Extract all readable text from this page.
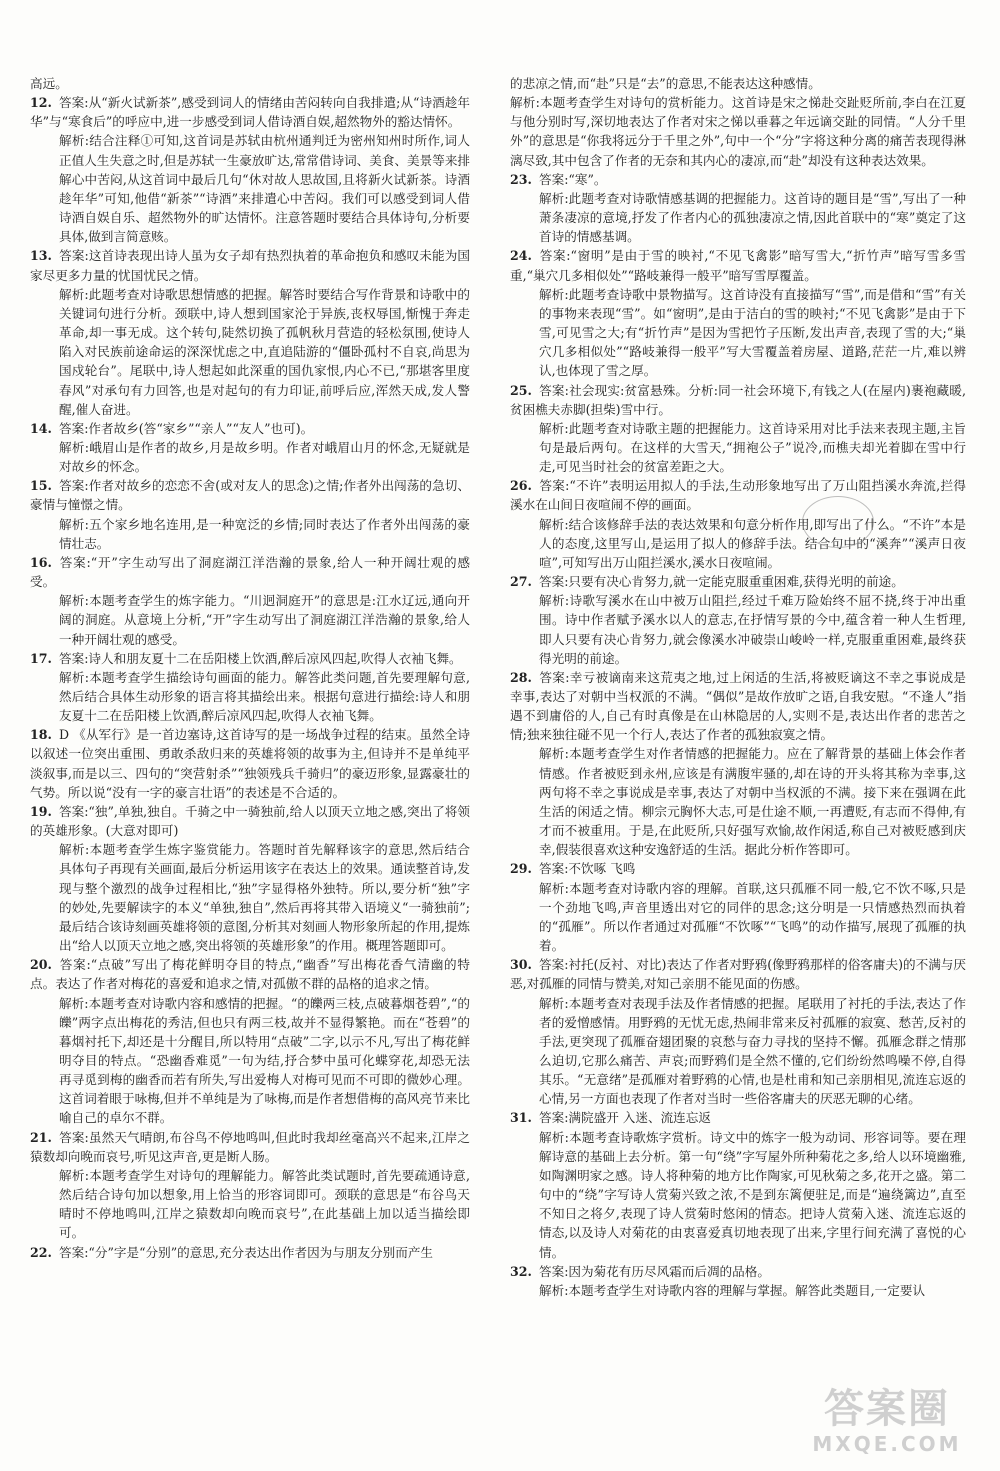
高远。

12. 答案:从“新火试新茶”,感受到词人的情绪由苦闷转向自我排遣;从“诗酒趁年华”与“寒食后”的呼应中,进一步感受到词人借诗酒自娱,超然物外的豁达情怀。

解析:结合注释①可知,这首词是苏轼由杭州通判迁为密州知州时所作,词人正值人生失意之时,但是苏轼一生豪放旷达,常常借诗词、美食、美景等来排解心中苦闷,从这首词中最后几句“休对故人思故国,且将新火试新茶。诗酒趁年华”可知,他借“新茶”“诗酒”来排遣心中苦闷。我们可以感受到词人借诗酒自娱自乐、超然物外的旷达情怀。注意答题时要结合具体诗句,分析要具体,做到言简意赅。

13. 答案:这首诗表现出诗人虽为女子却有热烈执着的革命抱负和感叹未能为国家尽更多力量的忧国忧民之情。

解析:此题考查对诗歌思想情感的把握。解答时要结合写作背景和诗歌中的关键词句进行分析。颈联中,诗人想到国家沦于异族,丧权辱国,惭愧于奔走革命,却一事无成。这个转句,陡然切换了孤帆秋月营造的轻松氛围,使诗人陷入对民族前途命运的深深忧虑之中,直追陆游的“僵卧孤村不自哀,尚思为国戍轮台”。尾联中,诗人想起如此深重的国仇家恨,内心不已,“那堪客里度春风”对承句有力回答,也是对起句的有力印证,前呼后应,浑然天成,发人警醒,催人奋进。

14. 答案:作者故乡(答“家乡”“亲人”“友人”也可)。

解析:峨眉山是作者的故乡,月是故乡明。作者对峨眉山月的怀念,无疑就是对故乡的怀念。

15. 答案:作者对故乡的恋恋不舍(或对友人的思念)之情;作者外出闯荡的急切、豪情与憧憬之情。

解析:五个家乡地名连用,是一种宽泛的乡情;同时表达了作者外出闯荡的豪情壮志。

16. 答案:“开”字生动写出了洞庭湖江洋浩瀚的景象,给人一种开阔壮观的感受。

解析:本题考查学生的炼字能力。“川迥洞庭开”的意思是:江水辽远,通向开阔的洞庭。从意境上分析,“开”字生动写出了洞庭湖江洋浩瀚的景象,给人一种开阔壮观的感受。

17. 答案:诗人和朋友夏十二在岳阳楼上饮酒,醉后凉风四起,吹得人衣袖飞舞。

解析:本题考查学生描绘诗句画面的能力。解答此类问题,首先要理解句意,然后结合具体生动形象的语言将其描绘出来。根据句意进行描绘:诗人和朋友夏十二在岳阳楼上饮酒,醉后凉风四起,吹得人衣袖飞舞。

18. D 《从军行》是一首边塞诗,这首诗写的是一场战争过程的结束。虽然全诗以叙述一位突出重围、勇敢杀敌归来的英雄将领的故事为主,但诗并不是单纯平淡叙事,而是以三、四句的“突营射杀”“独领残兵千骑归”的豪迈形象,显露豪壮的气势。所以说“没有一字的豪言壮语”的表述是不合适的。

19. 答案:“独”,单独,独自。千骑之中一骑独前,给人以顶天立地之感,突出了将领的英雄形象。(大意对即可)

解析:本题考查学生炼字鉴赏能力。答题时首先解释该字的意思,然后结合具体句子再现有关画面,最后分析运用该字在表达上的效果。通读整首诗,发现与整个激烈的战争过程相比,“独”字显得格外独特。所以,要分析“独”字的妙处,先要解读字的本义“单独,独自”,然后再将其带入语境义“一骑独前”;最后结合该诗刻画英雄将领的意图,分析其对刻画人物形象所起的作用,提炼出“给人以顶天立地之感,突出将领的英雄形象”的作用。概理答题即可。

20. 答案:“点破”写出了梅花鲜明夺目的特点,“幽香”写出梅花香气清幽的特点。表达了作者对梅花的喜爱和追求之情,对孤傲不群的品格的追求之情。

解析:本题考查对诗歌内容和感情的把握。“的皪两三枝,点破暮烟苍碧”,“的皪”两字点出梅花的秀洁,但也只有两三枝,故并不显得繁艳。而在“苍碧”的暮烟衬托下,却还是十分醒目,所以特用“点破”二字,以示不凡,写出了梅花鲜明夺目的特点。“恐幽香难觅”一句为结,抒合梦中虽可化蝶穿花,却恐无法再寻觅到梅的幽香而若有所失,写出爱梅人对梅可见而不可即的微妙心理。这首词着眼于咏梅,但并不单纯是为了咏梅,而是作者想借梅的高风亮节来比喻自己的卓尔不群。

21. 答案:虽然天气晴朗,布谷鸟不停地鸣叫,但此时我却丝毫高兴不起来,江岸之猿数却向晚而哀号,听见这声音,更是断人肠。

解析:本题考查学生对诗句的理解能力。解答此类试题时,首先要疏通诗意,然后结合诗句加以想象,用上恰当的形容词即可。颈联的意思是“布谷鸟天晴时不停地鸣叫,江岸之猿数却向晚而哀号”,在此基础上加以适当描绘即可。

22. 答案:“分”字是“分别”的意思,充分表达出作者因为与朋友分别而产生

的悲凉之情,而“赴”只是“去”的意思,不能表达这种感情。

解析:本题考查学生对诗句的赏析能力。这首诗是宋之悌赴交趾贬所前,李白在江夏与他分别时写,深切地表达了作者对宋之悌以垂暮之年远谪交趾的同情。“人分千里外”的意思是“你我将远分于千里之外”,句中一个“分”字将这种分离的痛苦表现得淋漓尽致,其中包含了作者的无奈和其内心的凄凉,而“赴”却没有这种表达效果。

23. 答案:“寒”。

解析:此题考查对诗歌情感基调的把握能力。这首诗的题目是“雪”,写出了一种萧条凄凉的意境,抒发了作者内心的孤独凄凉之情,因此首联中的“寒”奠定了这首诗的情感基调。

24. 答案:“窗明”是由于雪的映衬,“不见飞禽影”暗写雪大,“折竹声”暗写雪多雪重,“巢穴几多相似处”“路岐兼得一般平”暗写雪厚覆盖。

解析:此题考查诗歌中景物描写。这首诗没有直接描写“雪”,而是借和“雪”有关的事物来表现“雪”。如“窗明”,是由于洁白的雪的映衬;“不见飞禽影”是由于下雪,可见雪之大;有“折竹声”是因为雪把竹子压断,发出声音,表现了雪的大;“巢穴几多相似处”“路岐兼得一般平”写大雪覆盖着房屋、道路,茫茫一片,难以辨认,也体现了雪之厚。

25. 答案:社会现实:贫富悬殊。分析:同一社会环境下,有钱之人(在屋内)裹袍藏暖,贫困樵夫赤脚(担柴)雪中行。

解析:此题考查对诗歌主题的把握能力。这首诗采用对比手法来表现主题,主旨句是最后两句。在这样的大雪天,“拥袍公子”说冷,而樵夫却光着脚在雪中行走,可见当时社会的贫富差距之大。

26. 答案:“不许”表明运用拟人的手法,生动形象地写出了万山阻挡溪水奔流,拦得溪水在山间日夜喧闹不停的画面。

解析:结合该修辞手法的表达效果和句意分析作用,即写出了什么。“不许”本是人的态度,这里写山,是运用了拟人的修辞手法。结合句中的“溪奔”“溪声日夜喧”,可知写出万山阻拦溪水,溪水日夜喧闹。

27. 答案:只要有决心肯努力,就一定能克服重重困难,获得光明的前途。

解析:诗歌写溪水在山中被万山阻拦,经过千难万险始终不屈不挠,终于冲出重围。诗中作者赋予溪水以人的意志,在抒情写景的今中,蕴含着一种人生哲理,即人只要有决心肯努力,就会像溪水冲破崇山峻岭一样,克服重重困难,最终获得光明的前途。

28. 答案:幸亏被谪南来这荒夷之地,过上闲适的生活,将被贬谪这不幸之事说成是幸事,表达了对朝中当权派的不满。“偶似”是故作放旷之语,自我安慰。“不逢人”指遇不到庸俗的人,自己有时真像是在山林隐居的人,实则不是,表达出作者的悲苦之情;独来独往碰不见一个行人,表达了作者的孤独寂寞之情。

解析:本题考查学生对作者情感的把握能力。应在了解背景的基础上体会作者情感。作者被贬到永州,应该是有满腹牢骚的,却在诗的开头将其称为幸事,这两句将不幸之事说成是幸事,表达了对朝中当权派的不满。接下来在强调在此生活的闲适之情。柳宗元胸怀大志,可是仕途不顺,一再遭贬,有志而不得伸,有才而不被重用。于是,在此贬所,只好强写欢愉,故作闲适,称自己对被贬感到庆幸,假装很喜欢这种安逸舒适的生活。据此分析作答即可。

29. 答案:不饮啄 飞鸣

解析:本题考查对诗歌内容的理解。首联,这只孤雁不同一般,它不饮不啄,只是一个劲地飞鸣,声音里透出对它的同伴的思念;这分明是一只情感热烈而执着的“孤雁”。所以作者通过对孤雁“不饮啄”“飞鸣”的动作描写,展现了孤雁的执着。

30. 答案:衬托(反衬、对比)表达了作者对野鸦(像野鸦那样的俗客庸夫)的不满与厌恶,对孤雁的同情与赞美,对知己亲朋不能见面的伤感。

解析:本题考查对表现手法及作者情感的把握。尾联用了衬托的手法,表达了作者的爱憎感情。用野鸦的无忧无虑,热闹非常来反衬孤雁的寂寞、愁苦,反衬的手法,更突现了孤雁奋翅团聚的哀愁与奋力寻找的坚持不懈。孤雁念群之情那么迫切,它那么痛苦、声哀;而野鸦们是全然不懂的,它们纷纷然鸣噪不停,自得其乐。“无意绪”是孤雁对着野鸦的心情,也是杜甫和知己亲朋相见,流连忘返的心情,另一方面也表现了作者对当时一些俗客庸夫的厌恶无聊的心绪。

31. 答案:满院盛开 入迷、流连忘返

解析:本题考查诗歌炼字赏析。诗文中的炼字一般为动词、形容词等。要在理解诗意的基础上去分析。第一句“绕”字写屋外所种菊花之多,给人以环境幽雅,如陶渊明家之感。诗人将种菊的地方比作陶家,可见秋菊之多,花开之盛。第二句中的“绕”字写诗人赏菊兴致之浓,不是到东篱便驻足,而是“遍绕篱边”,直至不知日之将夕,表现了诗人赏菊时悠闲的情态。把诗人赏菊入迷、流连忘返的情态,以及诗人对菊花的由衷喜爱真切地表现了出来,字里行间充满了喜悦的心情。

32. 答案:因为菊花有历尽风霜而后凋的品格。

解析:本题考查学生对诗歌内容的理解与掌握。解答此类题目,一定要认

答案圈
MXQE.COM
